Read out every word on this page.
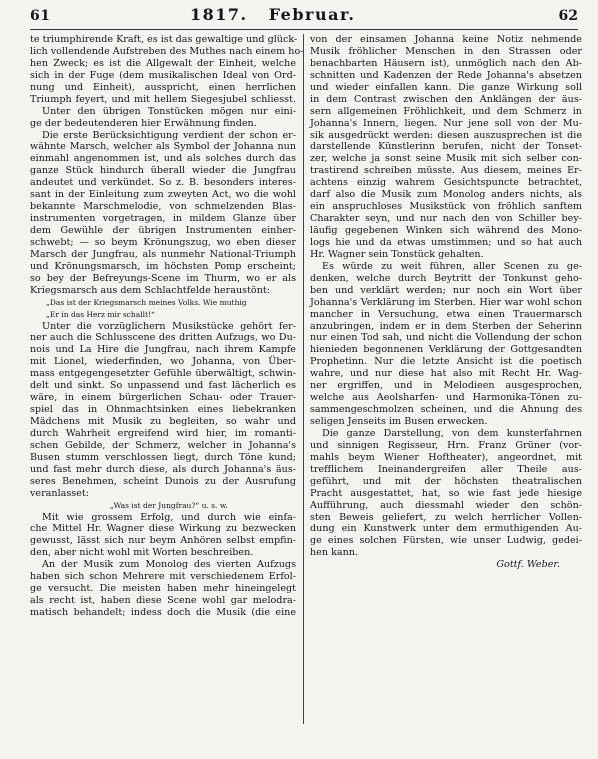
61	1817. Februar.	62
te triumphirende Kraft, es ist das gewaltige und glück-
lich vollendende Aufstreben des Muthes nach einem ho-
hen Zweck; es ist die Allgewalt der Einheit, welche
sich in der Fuge (dem musikalischen Ideal von Ord-
nung und Einheit), ausspricht, einen herrlichen
Triumph feyert, und mit hellem Siegesjubel schliesst.
Unter den übrigen Tonstücken mögen nur eini-
ge der bedeutenderen hier Erwähnung finden.
Die erste Berücksichtigung verdient der schon er-
wähnte Marsch, welcher als Symbol der Johanna nun
einmahl angenommen ist, und als solches durch das
ganze Stück hindurch überall wieder die Jungfrau
andeutet und verkündet. So z. B. besonders interes-
sant in der Einleitung zum zweyten Act, wo die wohl
bekannte Marschmelodie, von schmelzenden Blas-
instrumenten vorgetragen, in mildem Glanze über
dem Gewühle der übrigen Instrumenten einher-
schwebt; — so beym Krönungszug, wo eben dieser
Marsch der Jungfrau, als nunmehr National-Triumph
und Krönungsmarsch, im höchsten Pomp erscheint;
so bey der Befreyungs-Scene im Thurm, wo er als
Kriegsmarsch aus dem Schlachtfelde heraustönt:
„Das ist der Kriegsmarsch meines Volks. Wie muthig
„Er in das Herz mir schallt!“
Unter die vorzüglichern Musikstücke gehört fer-
ner auch die Schlusscene des dritten Aufzugs, wo Du-
nois und La Hire die Jungfrau, nach ihrem Kampfe
mit Lionel, wiederfinden, wo Johanna, von Über-
mass entgegengesetzter Gefühle überwältigt, schwin-
delt und sinkt. So unpassend und fast lächerlich es
wäre, in einem bürgerlichen Schau- oder Trauer-
spiel das in Ohnmachtsinken eines liebekranken
Mädchens mit Musik zu begleiten, so wahr und
durch Wahrheit ergreifend wird hier, im romanti-
schen Gebilde, der Schmerz, welcher in Johanna's
Busen stumm verschlossen liegt, durch Töne kund;
und fast mehr durch diese, als durch Johanna's äus-
seres Benehmen, scheint Dunois zu der Ausrufung
veranlasset:
„Was ist der Jungfrau?“ u. s. w.
Mit wie grossem Erfolg, und durch wie einfa-
che Mittel Hr. Wagner diese Wirkung zu bezwecken
gewusst, lässt sich nur beym Anhören selbst empfin-
den, aber nicht wohl mit Worten beschreiben.
An der Musik zum Monolog des vierten Aufzugs
haben sich schon Mehrere mit verschiedenem Erfol-
ge versucht. Die meisten haben mehr hineingelegt
als recht ist, haben diese Scene wohl gar melodra-
matisch behandelt; indess doch die Musik (die eine
von der einsamen Johanna keine Notiz nehmende
Musik fröhlicher Menschen in den Strassen oder
benachbarten Häusern ist), unmöglich nach den Ab-
schnitten und Kadenzen der Rede Johanna's absetzen
und wieder einfallen kann. Die ganze Wirkung soll
in dem Contrast zwischen den Anklängen der äus-
sern allgemeinen Fröhlichkeit, und dem Schmerz in
Johanna's Innern, liegen. Nur jene soll von der Mu-
sik ausgedrückt werden: diesen auszusprechen ist die
darstellende Künstlerinn berufen, nicht der Tonset-
zer, welche ja sonst seine Musik mit sich selber con-
trastirend schreiben müsste. Aus diesem, meines Er-
achtens einzig wahrem Gesichtspuncte betrachtet,
darf also die Musik zum Monolog anders nichts, als
ein anspruchloses Musikstück von fröhlich sanftem
Charakter seyn, und nur nach den von Schiller bey-
läufig gegebenen Winken sich während des Mono-
logs hie und da etwas umstimmen; und so hat auch
Hr. Wagner sein Tonstück gehalten.
Es würde zu weit führen, aller Scenen zu ge-
denken, welche durch Beytritt der Tonkunst geho-
ben und verklärt werden; nur noch ein Wort über
Johanna's Verklärung im Sterben. Hier war wohl schon
mancher in Versuchung, etwa einen Trauermarsch
anzubringen, indem er in dem Sterben der Seherinn
nur einen Tod sah, und nicht die Vollendung der schon
hienieden begonnenen Verklärung der Gottgesandten
Prophetinn. Nur die letzte Ansicht ist die poetisch
wahre, und nur diese hat also mit Recht Hr. Wag-
ner ergriffen, und in Melodieen ausgesprochen,
welche aus Aeolsharfen- und Harmonika-Tönen zu-
sammengeschmolzen scheinen, und die Ahnung des
seligen Jenseits im Busen erwecken.
Die ganze Darstellung, von dem kunsterfahrnen
und sinnigen Regisseur, Hrn. Franz Grüner (vor-
mahls beym Wiener Hoftheater), angeordnet, mit
trefflichem Ineinandergreifen aller Theile aus-
geführt, und mit der höchsten theatralischen
Pracht ausgestattet, hat, so wie fast jede hiesige
Aufführung, auch diessmahl wieder den schön-
sten Beweis geliefert, zu welch herrlicher Vollen-
dung ein Kunstwerk unter dem ermuthigenden Au-
ge eines solchen Fürsten, wie unser Ludwig, gedei-
hen kann.
Gottf. Weber.
